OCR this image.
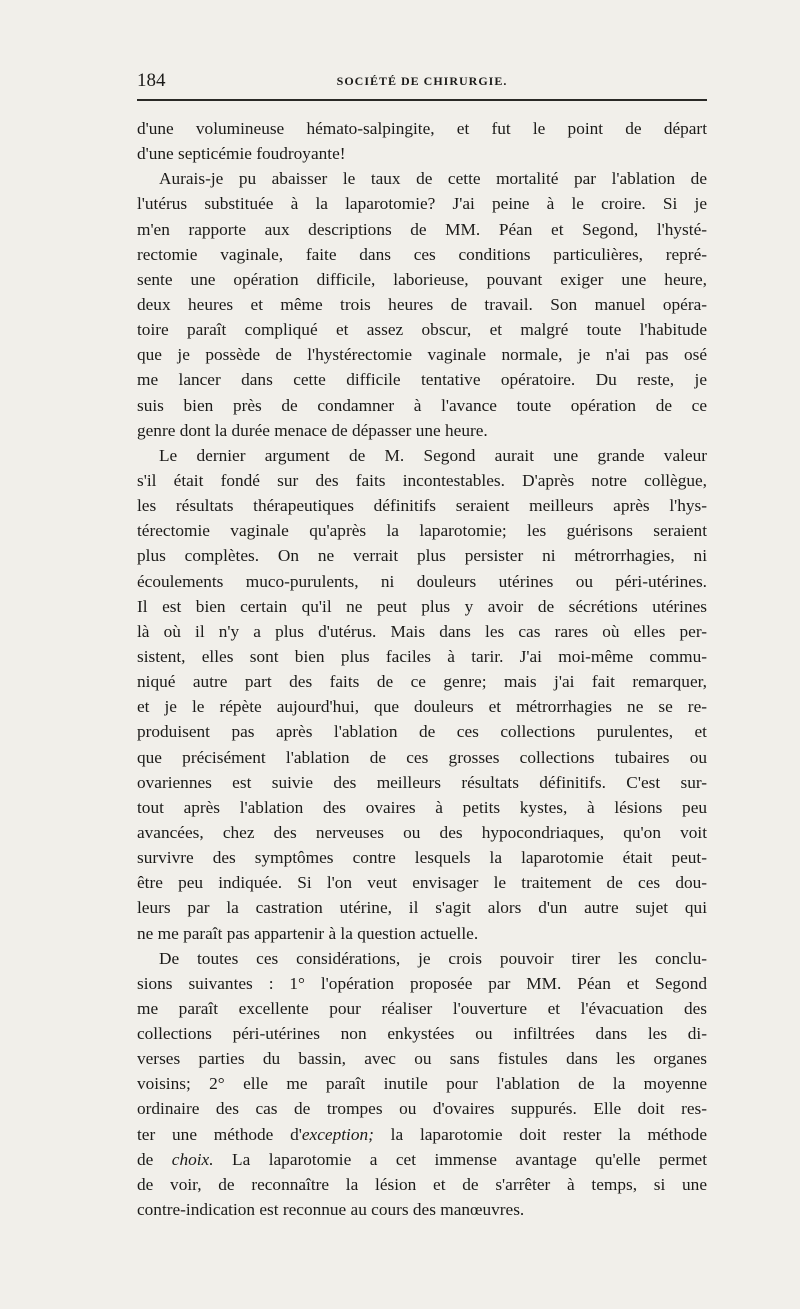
184	SOCIÉTÉ DE CHIRURGIE.
d'une volumineuse hémato-salpingite, et fut le point de départ
d'une septicémie foudroyante!
Aurais-je pu abaisser le taux de cette mortalité par l'ablation de
l'utérus substituée à la laparotomie? J'ai peine à le croire. Si je
m'en rapporte aux descriptions de MM. Péan et Segond, l'hysté-
rectomie vaginale, faite dans ces conditions particulières, repré-
sente une opération difficile, laborieuse, pouvant exiger une heure,
deux heures et même trois heures de travail. Son manuel opéra-
toire paraît compliqué et assez obscur, et malgré toute l'habitude
que je possède de l'hystérectomie vaginale normale, je n'ai pas osé
me lancer dans cette difficile tentative opératoire. Du reste, je
suis bien près de condamner à l'avance toute opération de ce
genre dont la durée menace de dépasser une heure.
Le dernier argument de M. Segond aurait une grande valeur
s'il était fondé sur des faits incontestables. D'après notre collègue,
les résultats thérapeutiques définitifs seraient meilleurs après l'hys-
térectomie vaginale qu'après la laparotomie; les guérisons seraient
plus complètes. On ne verrait plus persister ni métrorrhagies, ni
écoulements muco-purulents, ni douleurs utérines ou péri-utérines.
Il est bien certain qu'il ne peut plus y avoir de sécrétions utérines
là où il n'y a plus d'utérus. Mais dans les cas rares où elles per-
sistent, elles sont bien plus faciles à tarir. J'ai moi-même commu-
niqué autre part des faits de ce genre; mais j'ai fait remarquer,
et je le répète aujourd'hui, que douleurs et métrorrhagies ne se re-
produisent pas après l'ablation de ces collections purulentes, et
que précisément l'ablation de ces grosses collections tubaires ou
ovariennes est suivie des meilleurs résultats définitifs. C'est sur-
tout après l'ablation des ovaires à petits kystes, à lésions peu
avancées, chez des nerveuses ou des hypocondriaques, qu'on voit
survivre des symptômes contre lesquels la laparotomie était peut-
être peu indiquée. Si l'on veut envisager le traitement de ces dou-
leurs par la castration utérine, il s'agit alors d'un autre sujet qui
ne me paraît pas appartenir à la question actuelle.
De toutes ces considérations, je crois pouvoir tirer les conclu-
sions suivantes : 1° l'opération proposée par MM. Péan et Segond
me paraît excellente pour réaliser l'ouverture et l'évacuation des
collections péri-utérines non enkystées ou infiltrées dans les di-
verses parties du bassin, avec ou sans fistules dans les organes
voisins; 2° elle me paraît inutile pour l'ablation de la moyenne
ordinaire des cas de trompes ou d'ovaires suppurés. Elle doit res-
ter une méthode d'exception; la laparotomie doit rester la méthode
de choix. La laparotomie a cet immense avantage qu'elle permet
de voir, de reconnaître la lésion et de s'arrêter à temps, si une
contre-indication est reconnue au cours des manœuvres.
